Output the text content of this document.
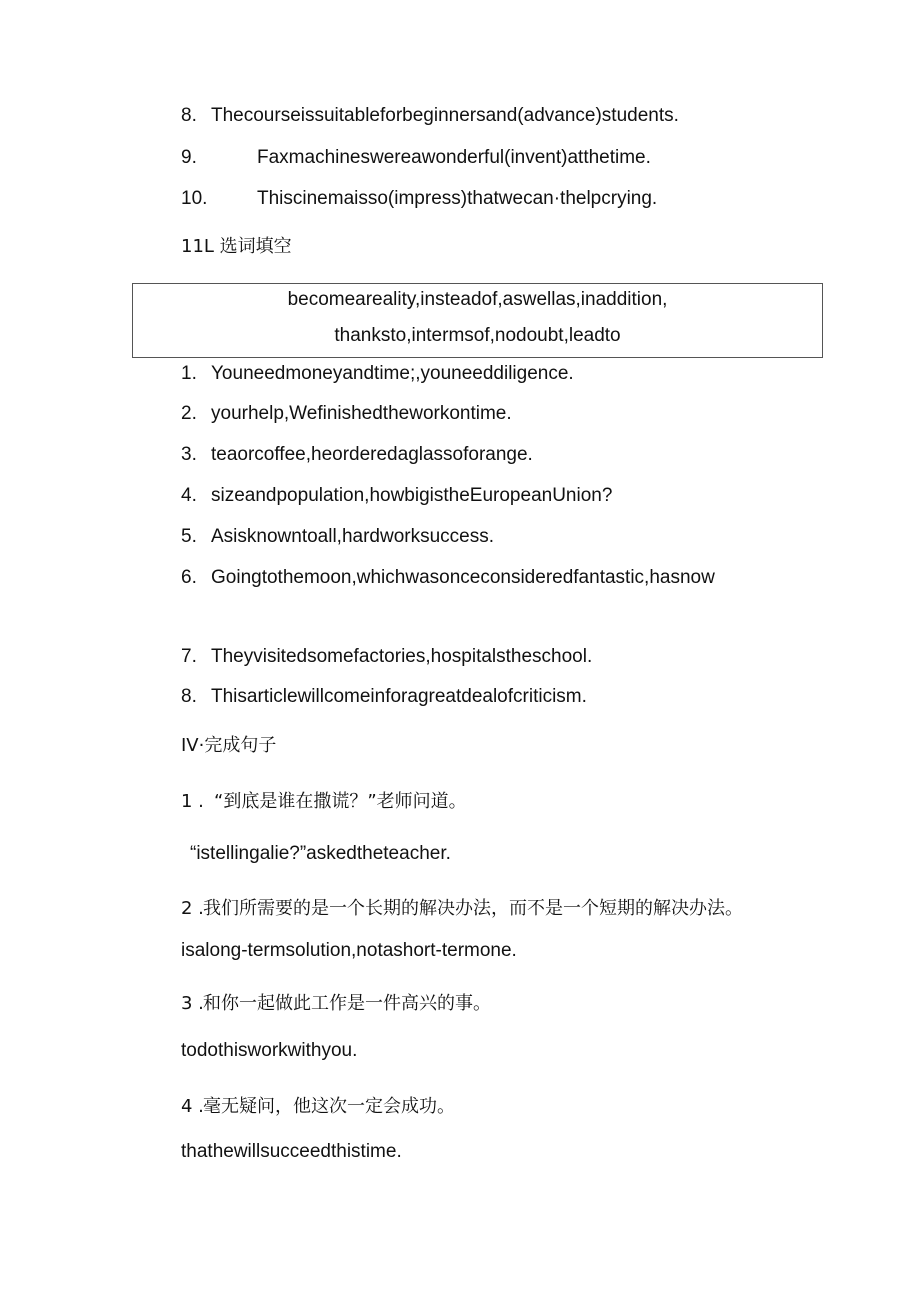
8. Thecourseissuitableforbeginnersand(advance)students.
9.	Faxmachineswereawonderful(invent)atthetime.
10.	Thiscinemaisso(impress)thatwecan·thelpcrying.
11L 选词填空
becomeareality,insteadof,aswellas,inaddition,
thanksto,intermsof,nodoubt,leadto
1. Youneedmoneyandtime;,youneeddiligence.
2. yourhelp,Wefinishedtheworkontime.
3. teaorcoffee,heorderedaglassoforange.
4. sizeandpopulation,howbigistheEuropeanUnion?
5. Asisknowntoall,hardworksuccess.
6. Goingtothemoon,whichwasonceconsideredfantastic,hasnow
7. Theyvisitedsomefactories,hospitalstheschool.
8. Thisarticlewillcomeinforagreatdealofcriticism.
IV·完成句子
1 . “到底是谁在撒谎？”老师问道。
“istellingalie?”askedtheteacher.
2 . 我们所需要的是一个长期的解决办法，而不是一个短期的解决办法。
isalong-termsolution,notashort-termone.
3 . 和你一起做此工作是一件高兴的事。
todothisworkwithyou.
4 . 毫无疑问，他这次一定会成功。
thathewillsucceedthistime.
